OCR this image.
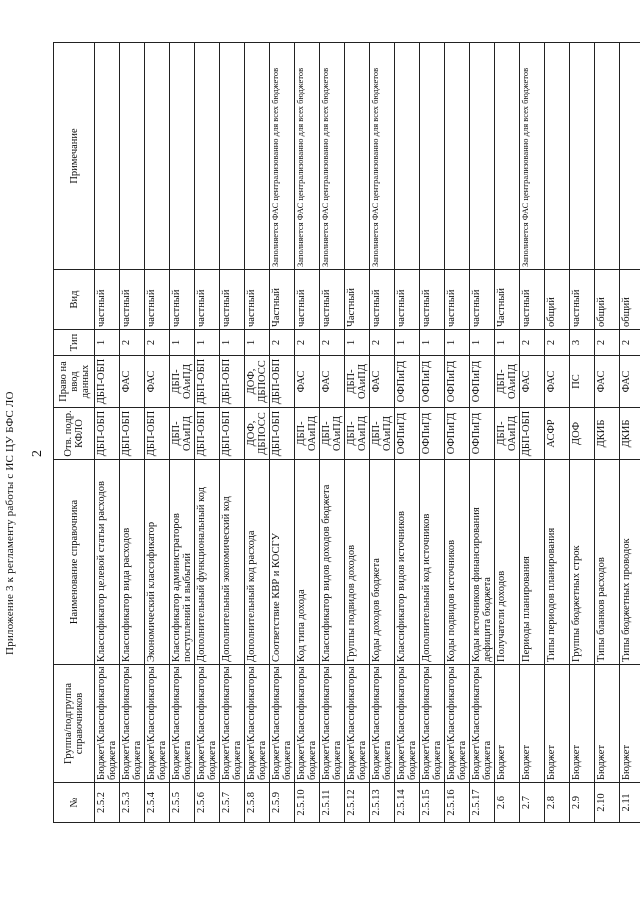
Приложение 3 к регламенту работы с ИС ЦУ БФС ЛО 2
№	Группа/подгруппа справочников	Наименование справочника	Отв. подр. КФЛО	Право на ввод данных	Тип	Вид	Примечание
2.5.2	Бюджет\Классификаторы бюджета	Классификатор целевой статьи расходов	ДБП-ОБП	ДБП-ОБП	1	частный	
2.5.3	Бюджет\Классификаторы бюджета	Классификатор вида расходов	ДБП-ОБП	ФАС	2	частный	
2.5.4	Бюджет\Классификаторы бюджета	Экономический классификатор	ДБП-ОБП	ФАС	2	частный	
2.5.5	Бюджет\Классификаторы бюджета	Классификатор администраторов поступлений и выбытий	ДБП-ОАиПД	ДБП-ОАиПД	1	частный	
2.5.6	Бюджет\Классификаторы бюджета	Дополнительный функциональный код	ДБП-ОБП	ДБП-ОБП	1	частный	
2.5.7	Бюджет\Классификаторы бюджета	Дополнительный экономический код	ДБП-ОБП	ДБП-ОБП	1	частный	
2.5.8	Бюджет\Классификаторы бюджета	Дополнительный код расхода	ДОФ, ДБПОСС	ДОФ, ДБПОСС	1	частный	
2.5.9	Бюджет\Классификаторы бюджета	Соответствие КВР и КОСГУ	ДБП-ОБП	ДБП-ОБП	2	Частный	Заполняется ФАС централизованно для всех бюджетов
2.5.10	Бюджет\Классификаторы бюджета	Код типа дохода	ДБП-ОАиПД	ФАС	2	частный	Заполняется ФАС централизованно для всех бюджетов
2.5.11	Бюджет\Классификаторы бюджета	Классификатор видов доходов бюджета	ДБП-ОАиПД	ФАС	2	частный	Заполняется ФАС централизованно для всех бюджетов
2.5.12	Бюджет\Классификаторы бюджета	Группы подвидов доходов	ДБП-ОАиПД	ДБП-ОАиПД	1	Частный	
2.5.13	Бюджет\Классификаторы бюджета	Коды доходов бюджета	ДБП-ОАиПД	ФАС	2	частный	Заполняется ФАС централизованно для всех бюджетов
2.5.14	Бюджет\Классификаторы бюджета	Классификатор видов источников	ОФПиГД	ОФПиГД	1	частный	
2.5.15	Бюджет\Классификаторы бюджета	Дополнительный код источников	ОФПиГД	ОФПиГД	1	частный	
2.5.16	Бюджет\Классификаторы бюджета	Коды подвидов источников	ОФПиГД	ОФПиГД	1	частный	
2.5.17	Бюджет\Классификаторы бюджета	Коды источников финансирования дефицита бюджета	ОФПиГД	ОФПиГД	1	частный	
2.6	Бюджет	Получатели доходов	ДБП-ОАиПД	ДБП-ОАиПД	1	Частный	
2.7	Бюджет	Периоды планирования	ДБП-ОБП	ФАС	2	частный	Заполняется ФАС централизованно для всех бюджетов
2.8	Бюджет	Типы периодов планирования	АСФР	ФАС	2	общий	
2.9	Бюджет	Группы бюджетных строк	ДОФ	ПС	3	частный	
2.10	Бюджет	Типы бланков расходов	ДКИБ	ФАС	2	общий	
2.11	Бюджет	Типы бюджетных проводок	ДКИБ	ФАС	2	общий	
